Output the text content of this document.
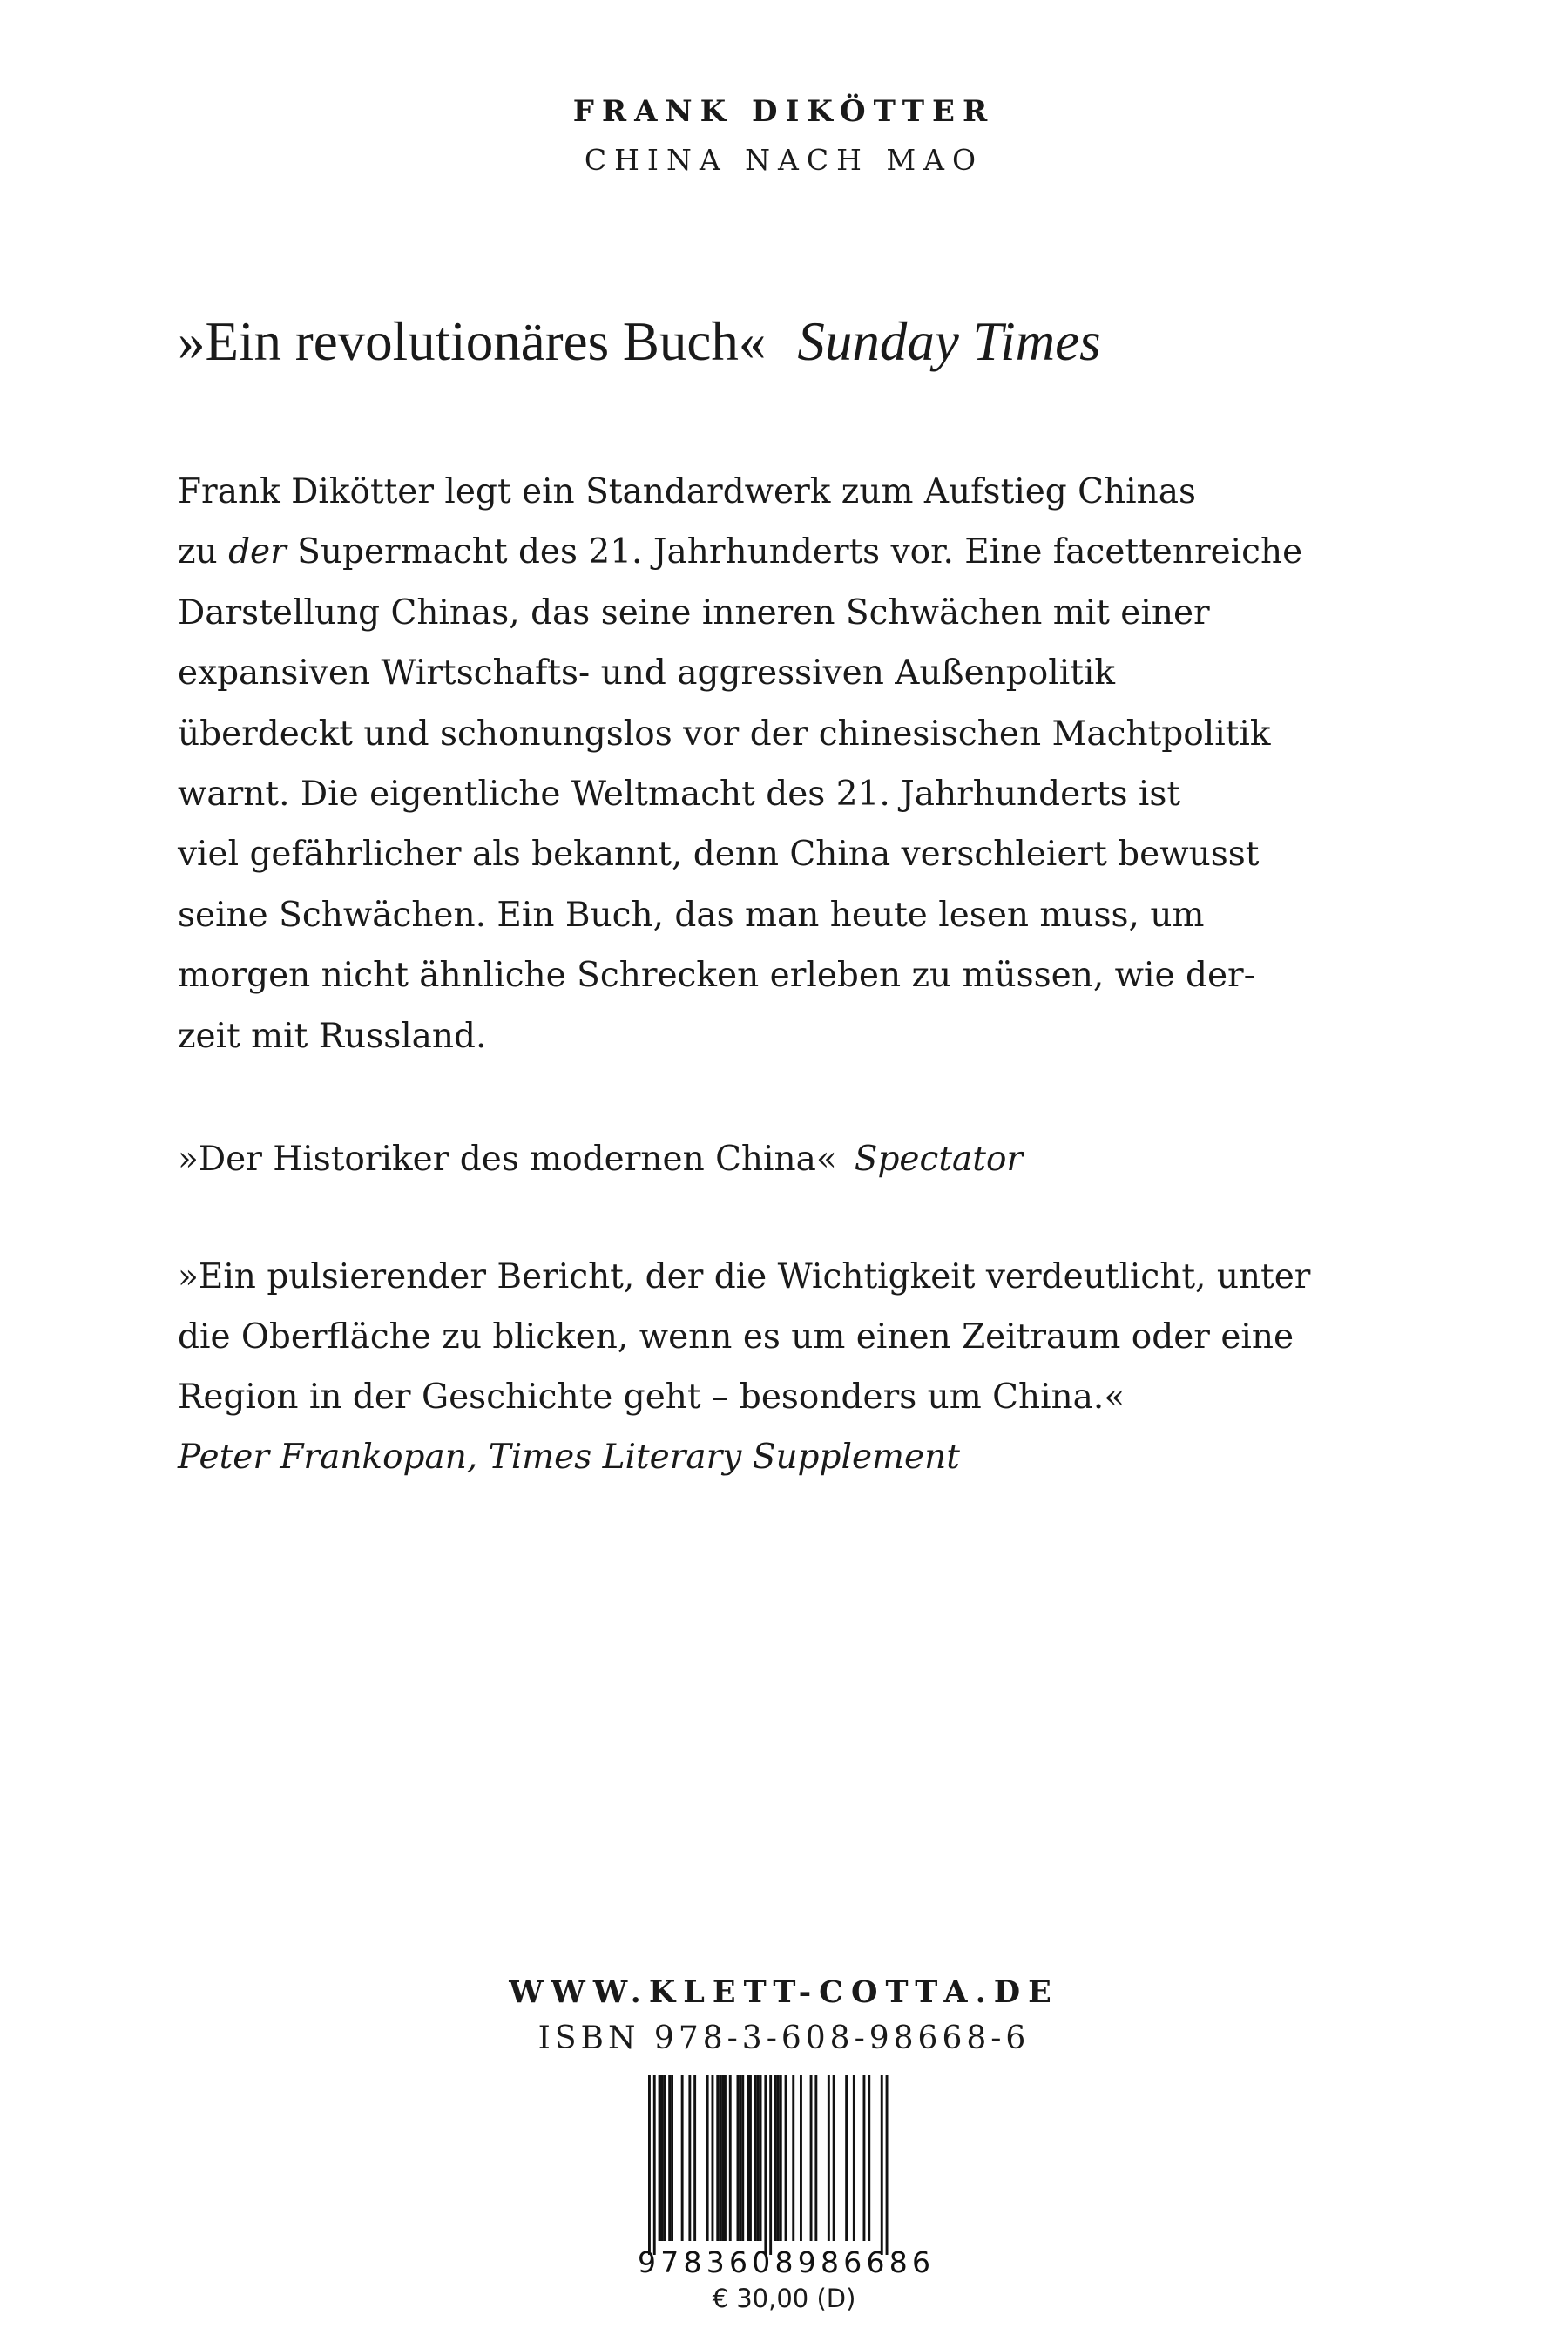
FRANK DIKÖTTER
CHINA NACH MAO
»Ein revolutionäres Buch« Sunday Times
Frank Dikötter legt ein Standardwerk zum Aufstieg Chinas
zu der Supermacht des 21. Jahrhunderts vor. Eine facettenreiche
Darstellung Chinas, das seine inneren Schwächen mit einer
expansiven Wirtschafts- und aggressiven Außenpolitik
überdeckt und schonungslos vor der chinesischen Machtpolitik
warnt. Die eigentliche Weltmacht des 21. Jahrhunderts ist
viel gefährlicher als bekannt, denn China verschleiert bewusst
seine Schwächen. Ein Buch, das man heute lesen muss, um
morgen nicht ähnliche Schrecken erleben zu müssen, wie der-
zeit mit Russland.
»Der Historiker des modernen China« Spectator
»Ein pulsierender Bericht, der die Wichtigkeit verdeutlicht, unter
die Oberfläche zu blicken, wenn es um einen Zeitraum oder eine
Region in der Geschichte geht – besonders um China.«
Peter Frankopan, Times Literary Supplement
WWW.KLETT-COTTA.DE
ISBN 978-3-608-98668-6
9783608986686
€ 30,00 (D)
